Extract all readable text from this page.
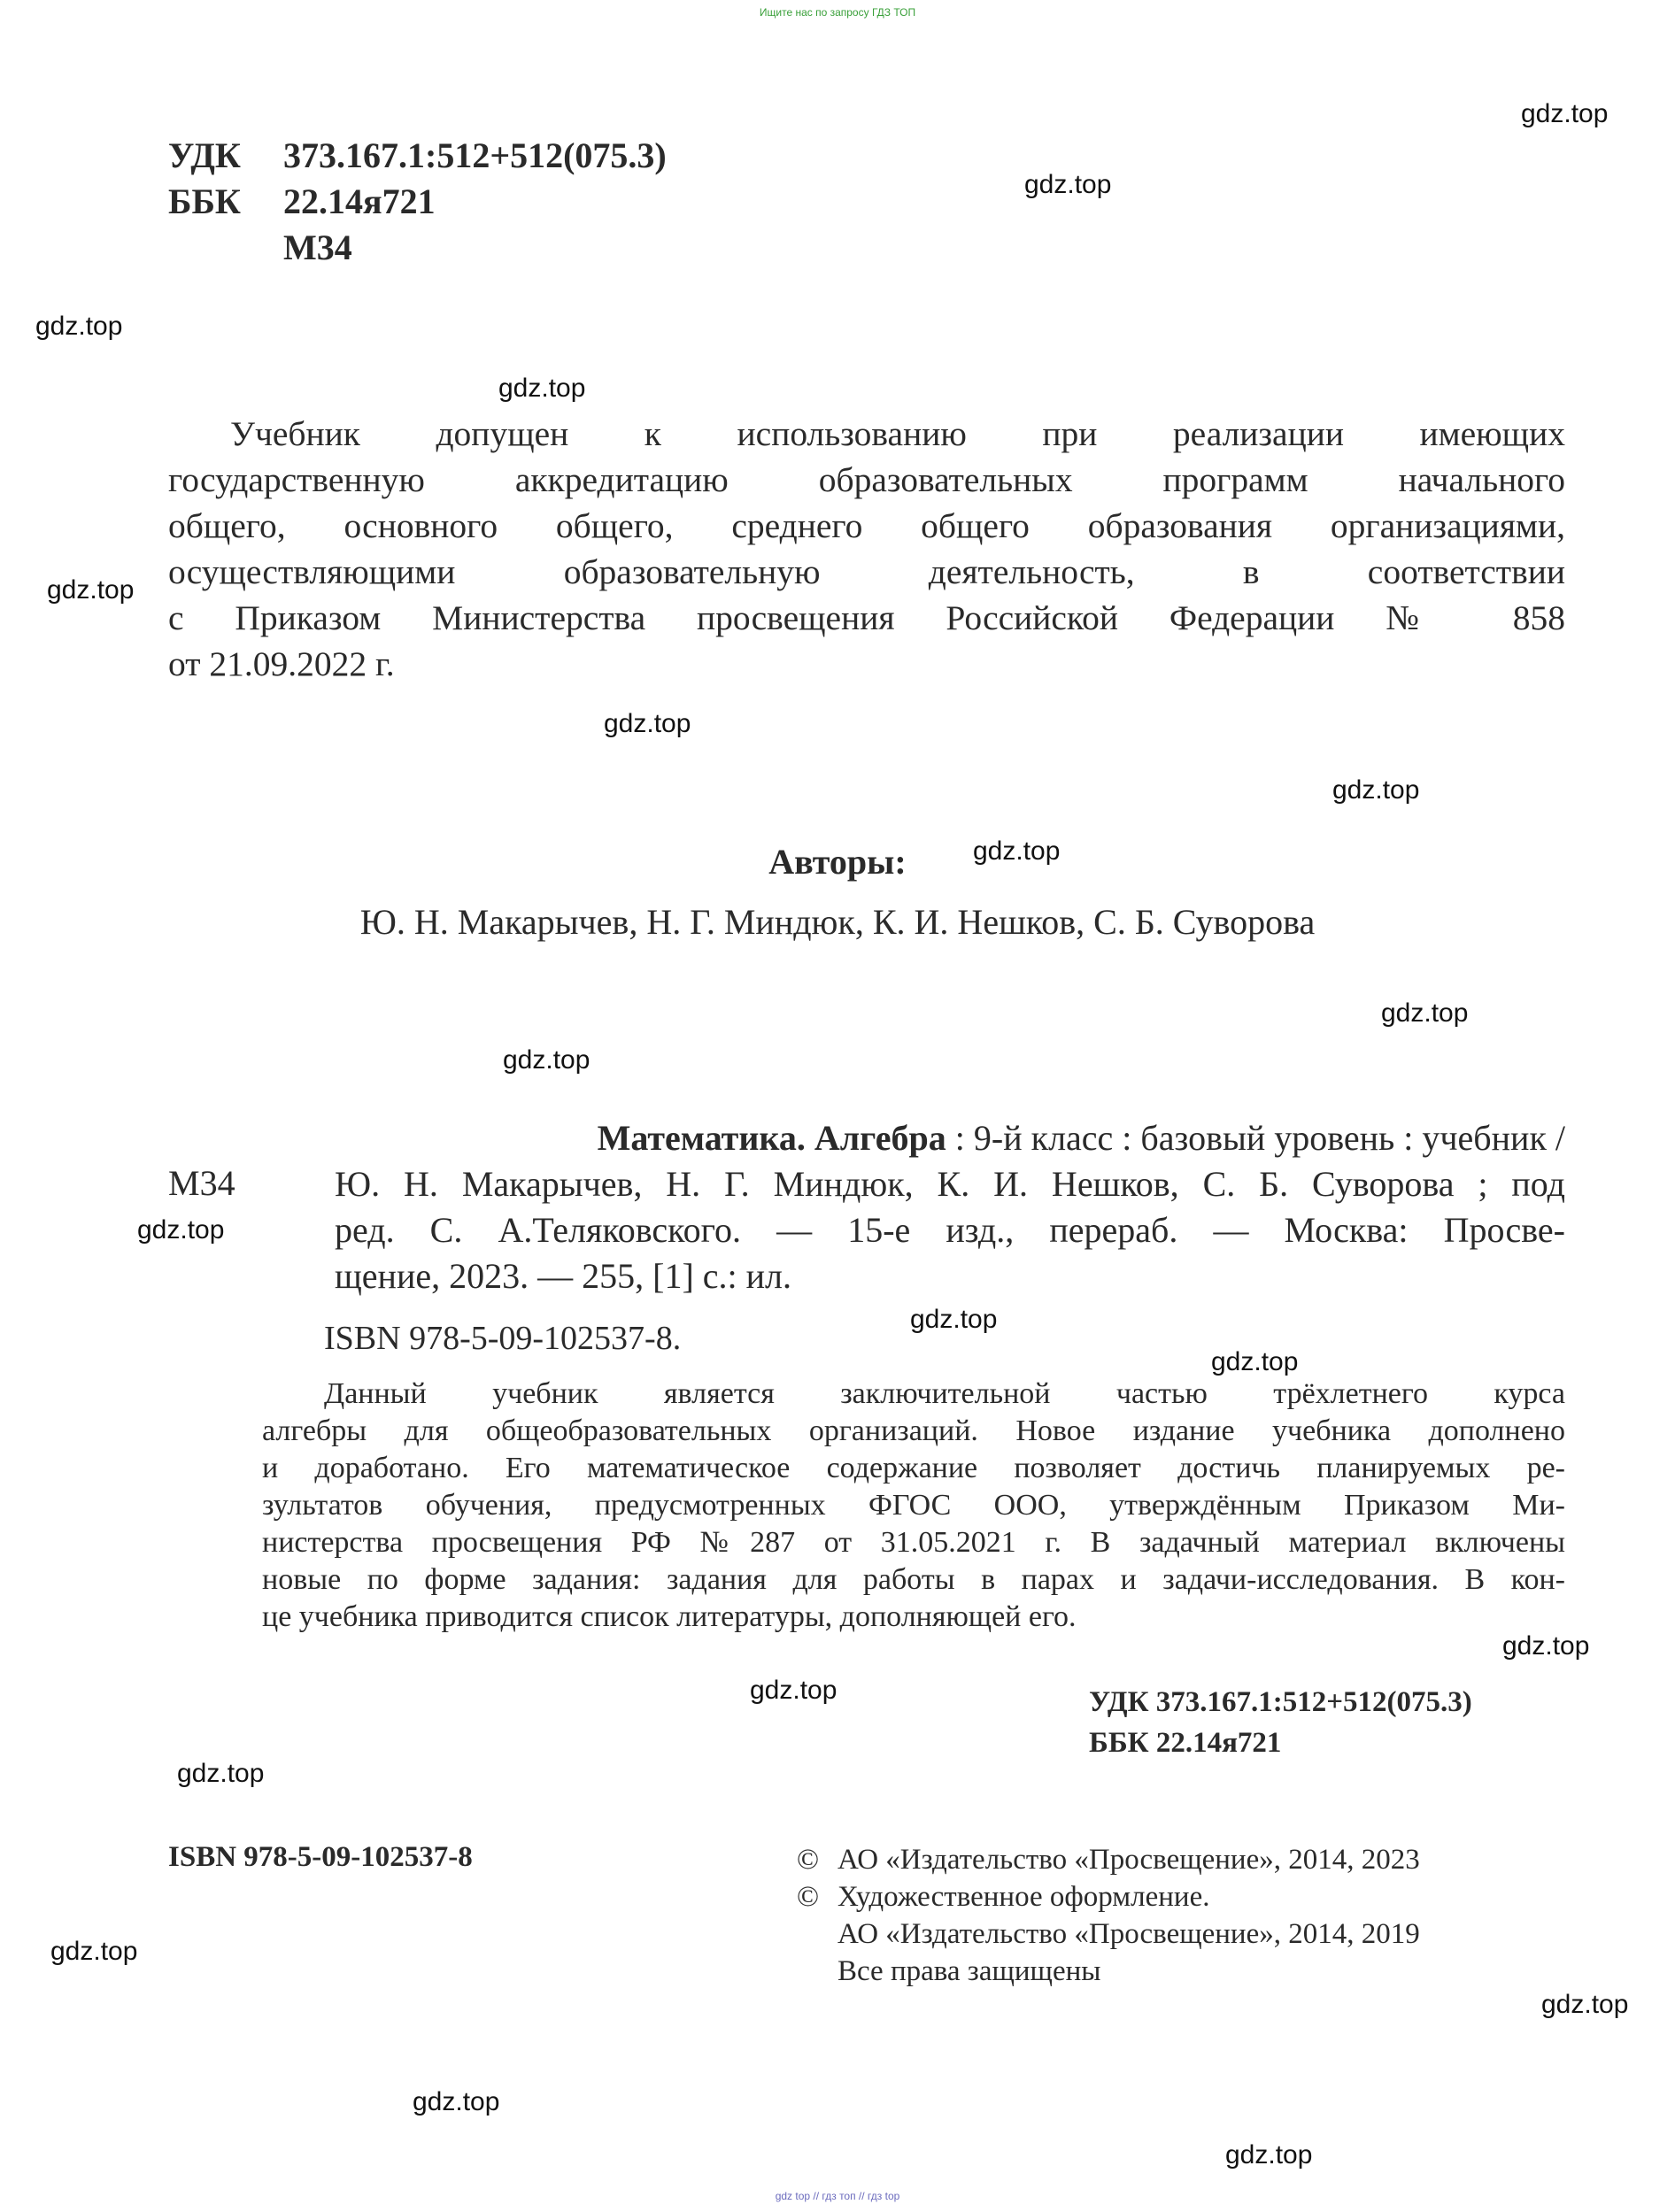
Ищите нас по запросу ГДЗ ТОП
УДК 373.167.1:512+512(075.3)
ББК 22.14я721
М34
Учебник допущен к использованию при реализации имеющих
государственную аккредитацию образовательных программ начального
общего, основного общего, среднего общего образования организациями,
осуществляющими образовательную деятельность, в соответствии
с Приказом Министерства просвещения Российской Федерации № 858
от 21.09.2022 г.
Авторы:
Ю. Н. Макарычев, Н. Г. Миндюк, К. И. Нешков, С. Б. Суворова
М34
Математика. Алгебра : 9-й класс : базовый уровень : учебник /
Ю. Н. Макарычев, Н. Г. Миндюк, К. И. Нешков, С. Б. Суворова ; под
ред. С. А.Теляковского. — 15-е изд., перераб. — Москва: Просве-
щение, 2023. — 255, [1] с.: ил.
ISBN 978-5-09-102537-8.
Данный учебник является заключительной частью трёхлетнего курса
алгебры для общеобразовательных организаций. Новое издание учебника дополнено
и доработано. Его математическое содержание позволяет достичь планируемых ре-
зультатов обучения, предусмотренных ФГОС ООО, утверждённым Приказом Ми-
нистерства просвещения РФ №287 от 31.05.2021 г. В задачный материал включены
новые по форме задания: задания для работы в парах и задачи-исследования. В кон-
це учебника приводится список литературы, дополняющей его.
УДК 373.167.1:512+512(075.3)
ББК 22.14я721
ISBN 978-5-09-102537-8	© АО «Издательство «Просвещение», 2014, 2023
© Художественное оформление.
АО «Издательство «Просвещение», 2014, 2019
Все права защищены
gdz.top
gdz.top
gdz.top
gdz.top
gdz.top
gdz.top
gdz.top
gdz.top
gdz.top
gdz.top
gdz.top
gdz.top
gdz.top
gdz.top
gdz.top
gdz.top
gdz.top
gdz.top
gdz.top
gdz.top
gdz top // гдз топ // гдз top
